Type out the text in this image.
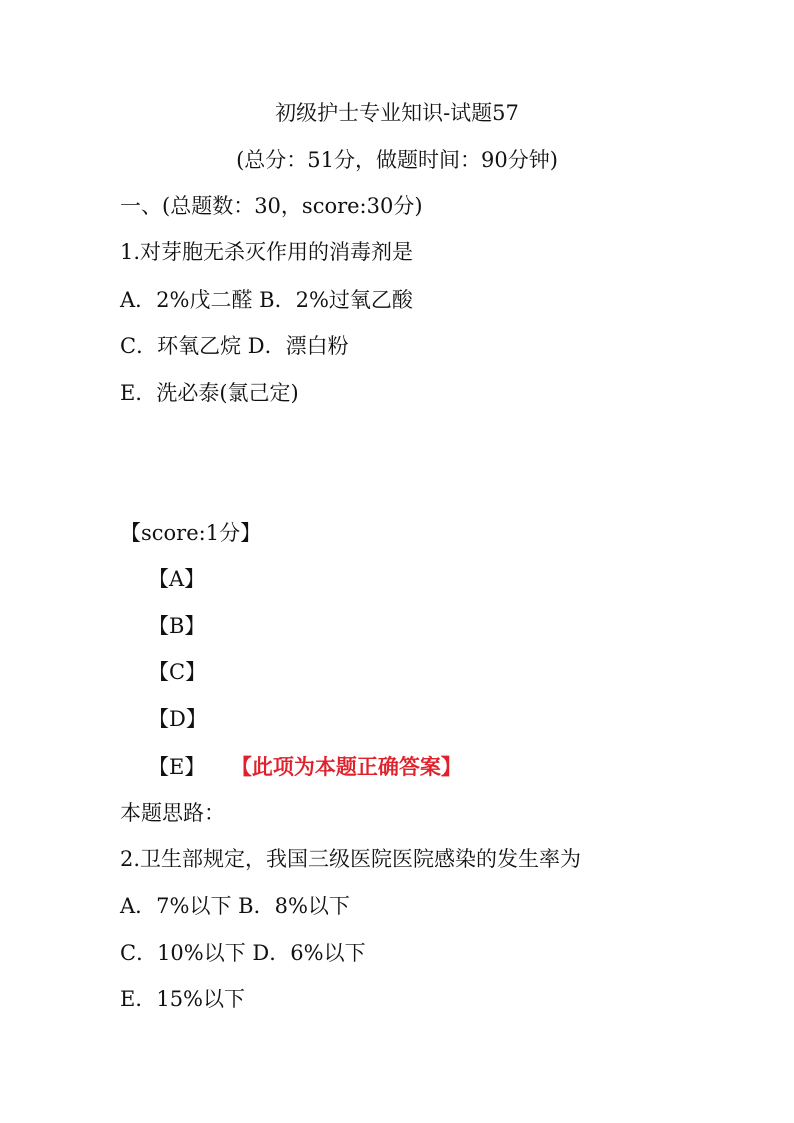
初级护士专业知识-试题57
(总分：51分，做题时间：90分钟)
一、(总题数：30，score:30分)
1.对芽胞无杀灭作用的消毒剂是
A．2%戊二醛 B．2%过氧乙酸
C．环氧乙烷 D．漂白粉
E．洗必泰(氯己定)
【score:1分】
【A】
【B】
【C】
【D】
【E】 【此项为本题正确答案】
本题思路：
2.卫生部规定，我国三级医院医院感染的发生率为
A．7%以下 B．8%以下
C．10%以下 D．6%以下
E．15%以下
